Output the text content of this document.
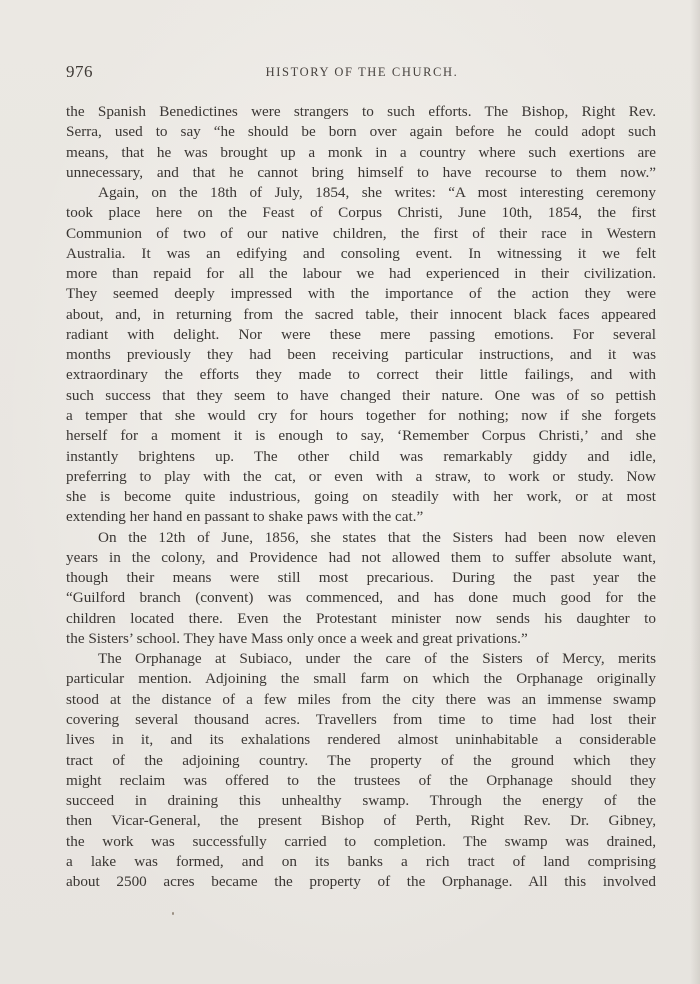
976	HISTORY OF THE CHURCH.
the Spanish Benedictines were strangers to such efforts. The Bishop, Right Rev.
Serra, used to say “he should be born over again before he could adopt such
means, that he was brought up a monk in a country where such exertions are
unnecessary, and that he cannot bring himself to have recourse to them now.”
Again, on the 18th of July, 1854, she writes: “A most interesting ceremony
took place here on the Feast of Corpus Christi, June 10th, 1854, the first
Communion of two of our native children, the first of their race in Western
Australia. It was an edifying and consoling event. In witnessing it we felt
more than repaid for all the labour we had experienced in their civilization.
They seemed deeply impressed with the importance of the action they were
about, and, in returning from the sacred table, their innocent black faces appeared
radiant with delight. Nor were these mere passing emotions. For several
months previously they had been receiving particular instructions, and it was
extraordinary the efforts they made to correct their little failings, and with
such success that they seem to have changed their nature. One was of so pettish
a temper that she would cry for hours together for nothing; now if she forgets
herself for a moment it is enough to say, ‘Remember Corpus Christi,’ and she
instantly brightens up. The other child was remarkably giddy and idle,
preferring to play with the cat, or even with a straw, to work or study. Now
she is become quite industrious, going on steadily with her work, or at most
extending her hand en passant to shake paws with the cat.”
On the 12th of June, 1856, she states that the Sisters had been now eleven
years in the colony, and Providence had not allowed them to suffer absolute want,
though their means were still most precarious. During the past year the
“Guilford branch (convent) was commenced, and has done much good for the
children located there. Even the Protestant minister now sends his daughter to
the Sisters’ school. They have Mass only once a week and great privations.”
The Orphanage at Subiaco, under the care of the Sisters of Mercy, merits
particular mention. Adjoining the small farm on which the Orphanage originally
stood at the distance of a few miles from the city there was an immense swamp
covering several thousand acres. Travellers from time to time had lost their
lives in it, and its exhalations rendered almost uninhabitable a considerable
tract of the adjoining country. The property of the ground which they
might reclaim was offered to the trustees of the Orphanage should they
succeed in draining this unhealthy swamp. Through the energy of the
then Vicar-General, the present Bishop of Perth, Right Rev. Dr. Gibney,
the work was successfully carried to completion. The swamp was drained,
a lake was formed, and on its banks a rich tract of land comprising
about 2500 acres became the property of the Orphanage. All this involved
